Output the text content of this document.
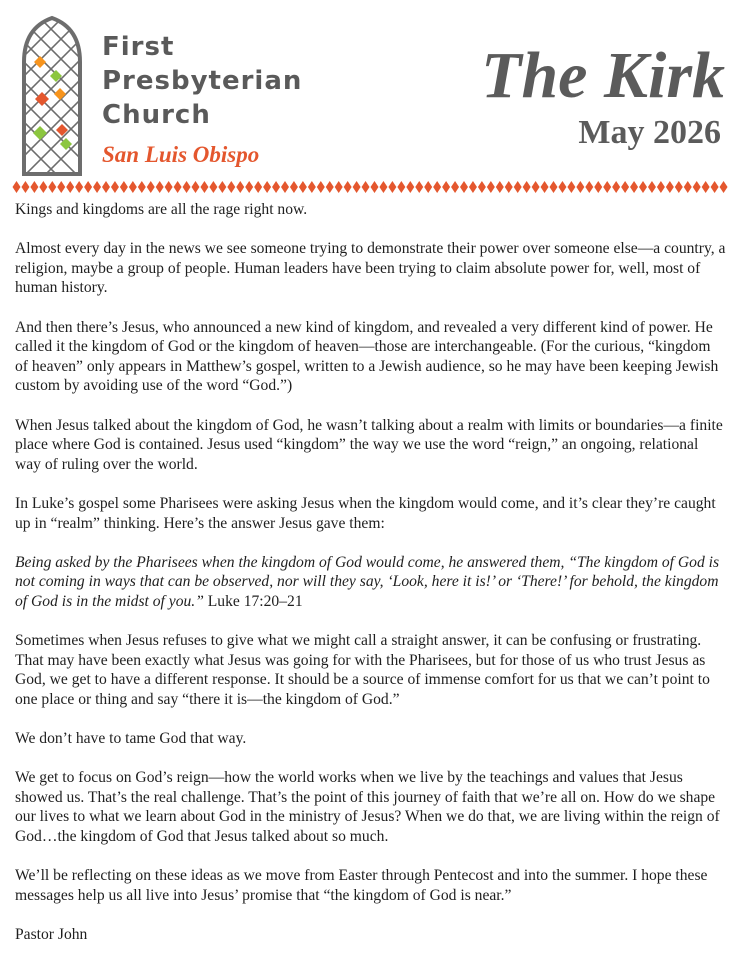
First
Presbyterian
Church
San Luis Obispo
The Kirk
May 2026

Kings and kingdoms are all the rage right now.

Almost every day in the news we see someone trying to demonstrate their power over someone else—a country, a religion, maybe a group of people. Human leaders have been trying to claim absolute power for, well, most of human history.

And then there’s Jesus, who announced a new kind of kingdom, and revealed a very different kind of power. He called it the kingdom of God or the kingdom of heaven—those are interchangeable. (For the curious, “kingdom of heaven” only appears in Matthew’s gospel, written to a Jewish audience, so he may have been keeping Jewish custom by avoiding use of the word “God.”)

When Jesus talked about the kingdom of God, he wasn’t talking about a realm with limits or boundaries—a finite place where God is contained. Jesus used “kingdom” the way we use the word “reign,” an ongoing, relational way of ruling over the world.

In Luke’s gospel some Pharisees were asking Jesus when the kingdom would come, and it’s clear they’re caught up in “realm” thinking. Here’s the answer Jesus gave them:

Being asked by the Pharisees when the kingdom of God would come, he answered them, “The kingdom of God is not coming in ways that can be observed, nor will they say, ‘Look, here it is!’ or ‘There!’ for behold, the kingdom of God is in the midst of you.” Luke 17:20–21

Sometimes when Jesus refuses to give what we might call a straight answer, it can be confusing or frustrating. That may have been exactly what Jesus was going for with the Pharisees, but for those of us who trust Jesus as God, we get to have a different response. It should be a source of immense comfort for us that we can’t point to one place or thing and say “there it is—the kingdom of God.”

We don’t have to tame God that way.

We get to focus on God’s reign—how the world works when we live by the teachings and values that Jesus showed us. That’s the real challenge. That’s the point of this journey of faith that we’re all on. How do we shape our lives to what we learn about God in the ministry of Jesus? When we do that, we are living within the reign of God…the kingdom of God that Jesus talked about so much.

We’ll be reflecting on these ideas as we move from Easter through Pentecost and into the summer. I hope these messages help us all live into Jesus’ promise that “the kingdom of God is near.”

Pastor John
